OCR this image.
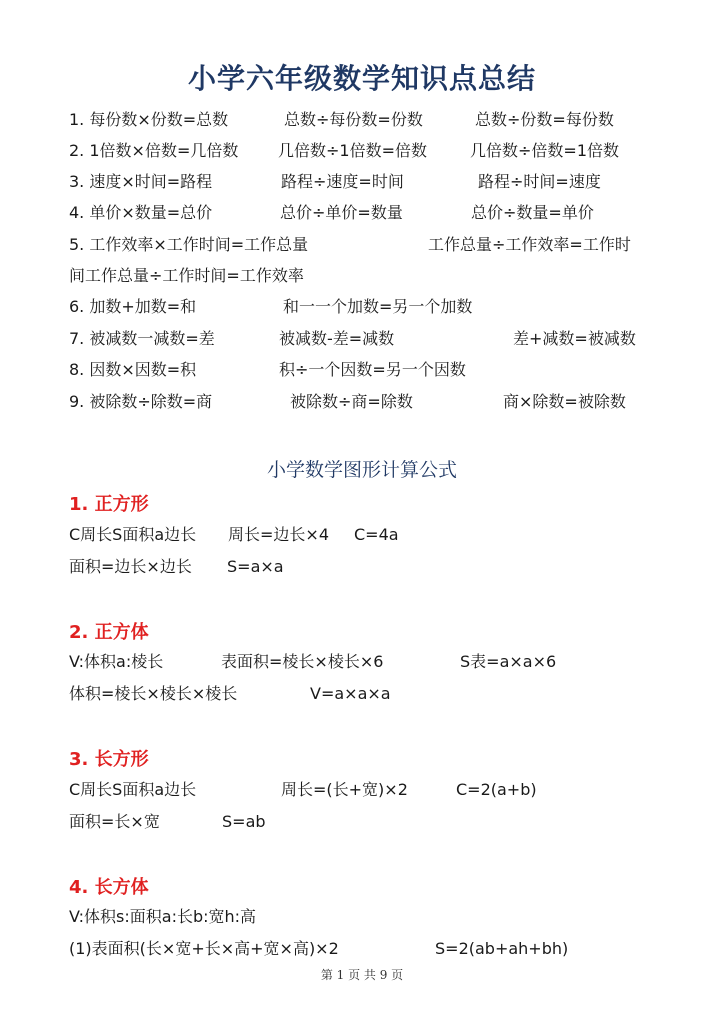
小学六年级数学知识点总结
1. 每份数×份数=总数	总数÷每份数=份数	总数÷份数=每份数
2. 1倍数×倍数=几倍数 几倍数÷1倍数=倍数	几倍数÷倍数=1倍数
3. 速度×时间=路程	路程÷速度=时间	路程÷时间=速度
4. 单价×数量=总价	总价÷单价=数量	总价÷数量=单价
5. 工作效率×工作时间=工作总量	工作总量÷工作效率=工作时
间工作总量÷工作时间=工作效率
6. 加数+加数=和	和一一个加数=另一个加数
7. 被减数一减数=差	被减数-差=减数	差+减数=被减数
8. 因数×因数=积	积÷一个因数=另一个因数
9. 被除数÷除数=商	被除数÷商=除数	商×除数=被除数
小学数学图形计算公式
1. 正方形
C周长S面积a边长 周长=边长×4 C=4a
面积=边长×边长 S=a×a
2. 正方体
V:体积a:棱长	表面积=棱长×棱长×6	S表=a×a×6
体积=棱长×棱长×棱长	V=a×a×a
3. 长方形
C周长S面积a边长	周长=(长+宽)×2	C=2(a+b)
面积=长×宽	S=ab
4. 长方体
V:体积s:面积a:长b:宽h:高
(1)表面积(长×宽+长×高+宽×高)×2	S=2(ab+ah+bh)
第 1 页 共 9 页
